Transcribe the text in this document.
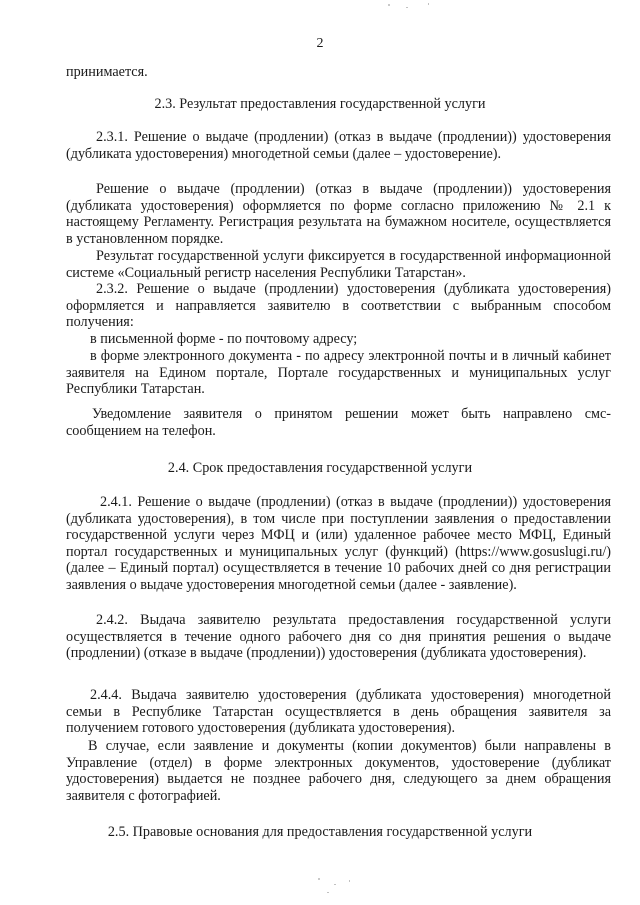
2
принимается.
2.3. Результат предоставления государственной услуги
2.3.1. Решение о выдаче (продлении) (отказ в выдаче (продлении)) удостоверения (дубликата удостоверения) многодетной семьи (далее – удостоверение).
Решение о выдаче (продлении) (отказ в выдаче (продлении)) удостоверения (дубликата удостоверения) оформляется по форме согласно приложению № 2.1 к настоящему Регламенту. Регистрация результата на бумажном носителе, осуществляется в установленном порядке.
Результат государственной услуги фиксируется в государственной информационной системе «Социальный регистр населения Республики Татарстан».
2.3.2. Решение о выдаче (продлении) удостоверения (дубликата удостоверения) оформляется и направляется заявителю в соответствии с выбранным способом получения:
в письменной форме - по почтовому адресу;
в форме электронного документа - по адресу электронной почты и в личный кабинет заявителя на Едином портале, Портале государственных и муниципальных услуг Республики Татарстан.
Уведомление заявителя о принятом решении может быть направлено смс-сообщением на телефон.
2.4. Срок предоставления государственной услуги
2.4.1. Решение о выдаче (продлении) (отказ в выдаче (продлении)) удостоверения (дубликата удостоверения), в том числе при поступлении заявления о предоставлении государственной услуги через МФЦ и (или) удаленное рабочее место МФЦ, Единый портал государственных и муниципальных услуг (функций) (https://www.gosuslugi.ru/) (далее – Единый портал) осуществляется в течение 10 рабочих дней со дня регистрации заявления о выдаче удостоверения многодетной семьи (далее - заявление).
2.4.2. Выдача заявителю результата предоставления государственной услуги осуществляется в течение одного рабочего дня со дня принятия решения о выдаче (продлении) (отказе в выдаче (продлении)) удостоверения (дубликата удостоверения).
2.4.4. Выдача заявителю удостоверения (дубликата удостоверения) многодетной семьи в Республике Татарстан осуществляется в день обращения заявителя за получением готового удостоверения (дубликата удостоверения).
В случае, если заявление и документы (копии документов) были направлены в Управление (отдел) в форме электронных документов, удостоверение (дубликат удостоверения) выдается не позднее рабочего дня, следующего за днем обращения заявителя с фотографией.
2.5. Правовые основания для предоставления государственной услуги
